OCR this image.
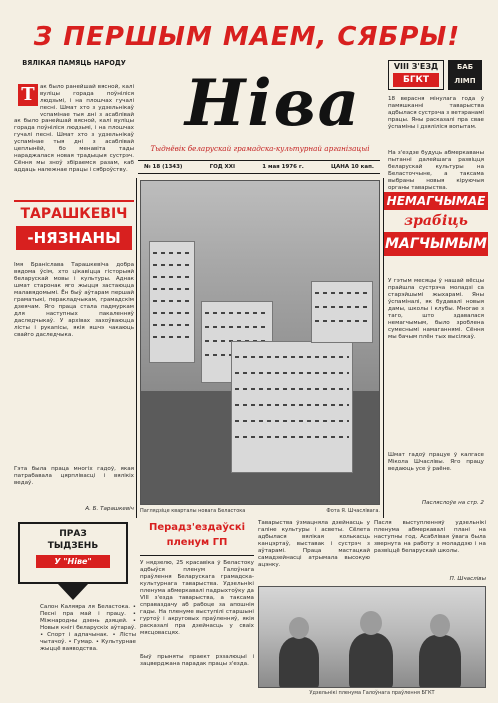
З ПЕРШЫМ МАЕМ, СЯБРЫ!
ВЯЛІКАЯ ПАМЯЦЬ НАРОДУ
Т ак было ранейшай вясной, калі вуліцы горада поўніліся людзьмі, і на плошчах гучалі песні. Шмат хто з удзельнікаў успамінае тыя дні з асаблівай
ак было ранейшай вясной, калі вуліцы горада поўніліся людзьмі, і на плошчах гучалі песні. Шмат хто з удзельнікаў успамінае тыя дні з асаблівай цеплынёй, бо менавіта тады нараджалася новая традыцыя сустрэч. Сёння мы зноў збіраемся разам, каб аддаць належнае працы і сяброўству.
ТАРАШКЕВІЧ
-НЯЗНАНЫ
Імя Браніслава Тарашкевіча добра вядома ўсім, хто цікавіцца гісторыяй беларускай мовы і культуры. Аднак шмат старонак яго жыцця застаюцца малавядомымі. Ён быў аўтарам першай граматыкі, перакладчыкам, грамадскім дзеячам. Яго праца стала падмуркам для наступных пакаленняў даследчыкаў. У архівах захоўваюцца лісты і рукапісы, якія яшчэ чакаюць свайго даследчыка.
Гэта была праца многіх гадоў, якая патрабавала цярплівасці і вялікіх ведаў.
А. Б. Тарашкевіч
ПРАЗ
ТЫДЗЕНЬ
У "Ніве"
Салон Каляяра ля Беластока. • Песні пра май і працу. • Міжнародны дзень дзяцей. • Новыя кнігі беларускіх аўтараў. • Спорт і адпачынак. • Лісты чытачоў. • Гумар. • Культурнае жыццё ваяводства.
Ніва
Тыднёвік беларускай грамадска-культурнай арганізацыі
№ 18 (1343)	ГОД XXI	1 мая 1976 г.	ЦАНА 10 кап.
VIII З'ЕЗД
БГКТ
БАБ
ЛІМП
18 верасня мінулага года ў памяшканні таварыства адбылася сустрэча з ветэранамі працы. Яны расказалі пра свае ўспаміны і дзяліліся вопытам.
На з'ездзе будуць абмеркаваны пытанні далейшага развіцця беларускай культуры на Беласточчыне, а таксама выбраны новыя кіруючыя органы таварыства.
НЕМАГЧЫМАЕ
зрабіць
МАГЧЫМЫМ
У гэтым месяцы ў нашай вёсцы прайшла сустрэча моладзі са старэйшымі жыхарамі. Яны ўспаміналі, як будавалі новыя дамы, школы і клубы. Многае з таго, што здавалася немагчымым, было зроблена сумеснымі намаганнямі. Сёння мы бачым плён тых высілкаў.
Шмат гадоў працуе ў калгасе Мікола Шчаслівы. Яго працу ведаюць усе ў раёне.
Пасляслоўе на стр. 2
Паглядзіце кварталы новага Беластока	Фота Я. Шчаслівага.
Перадз'ездаўскі
пленум ГП
У нядзелю, 25 красавіка ў Беластоку адбыўся пленум Галоўнага праўлення Беларускага грамадска-культурнага таварыства. Удзельнікі пленума абмеркавалі падрыхтоўку да VIII з'езда таварыства, а таксама справаздачу аб рабоце за апошнія гады. На пленуме выступілі старшыні гуртоў і акруговых праўленняў, якія расказалі пра дзейнасць у сваіх мясцовасцях.
Быў прыняты праект рэзалюцыі і зацверджана парадак працы з'езда.
Таварыства ўзмацняла дзейнасць у галіне культуры і асветы. Сёлета адбылася вялікая колькасць канцэртаў, выставак і сустрэч з аўтарамі. Праца мастацкай самадзейнасці атрымала высокую ацэнку.
Пасля выступленняў удзельнікі пленума абмеркавалі плані на наступны год. Асаблівая ўвага была звернута на работу з моладдзю і на развіццё беларускай школы.
П. Шчаслівы
Удзельнікі пленума Галоўнага праўлення БГКТ
